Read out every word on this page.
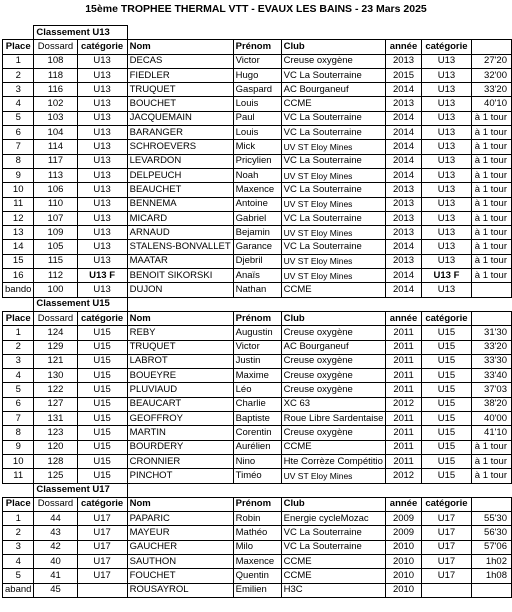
15ème TROPHEE THERMAL VTT - EVAUX LES BAINS - 23 Mars 2025
	Classement U13							
Place	Dossard	catégorie	Nom	Prénom	Club	année	catégorie	
1	108	U13	DECAS	Victor	Creuse oxygène	2013	U13	27'20
2	118	U13	FIEDLER	Hugo	VC La Souterraine	2015	U13	32'00
3	116	U13	TRUQUET	Gaspard	AC Bourganeuf	2014	U13	33'20
4	102	U13	BOUCHET	Louis	CCME	2013	U13	40'10
5	103	U13	JACQUEMAIN	Paul	VC La Souterraine	2014	U13	à 1 tour
6	104	U13	BARANGER	Louis	VC La Souterraine	2014	U13	à 1 tour
7	114	U13	SCHROEVERS	Mick	UV ST Eloy Mines	2014	U13	à 1 tour
8	117	U13	LEVARDON	Pricylien	VC La Souterraine	2014	U13	à 1 tour
9	113	U13	DELPEUCH	Noah	UV ST Eloy Mines	2014	U13	à 1 tour
10	106	U13	BEAUCHET	Maxence	VC La Souterraine	2013	U13	à 1 tour
11	110	U13	BENNEMA	Antoine	UV ST Eloy Mines	2013	U13	à 1 tour
12	107	U13	MICARD	Gabriel	VC La Souterraine	2013	U13	à 1 tour
13	109	U13	ARNAUD	Bejamin	UV ST Eloy Mines	2013	U13	à 1 tour
14	105	U13	STALENS-BONVALLET	Garance	VC La Souterraine	2014	U13	à 1 tour
15	115	U13	MAATAR	Djebril	UV ST Eloy Mines	2013	U13	à 1 tour
16	112	U13 F	BENOIT SIKORSKI	Anaïs	UV ST Eloy Mines	2014	U13 F	à 1 tour
bando	100	U13	DUJON	Nathan	CCME	2014	U13	
	Classement U15							
Place	Dossard	catégorie	Nom	Prénom	Club	année	catégorie	
1	124	U15	REBY	Augustin	Creuse oxygène	2011	U15	31'30
2	129	U15	TRUQUET	Victor	AC Bourganeuf	2011	U15	33'20
3	121	U15	LABROT	Justin	Creuse oxygène	2011	U15	33'30
4	130	U15	BOUEYRE	Maxime	Creuse oxygène	2011	U15	33'40
5	122	U15	PLUVIAUD	Léo	Creuse oxygène	2011	U15	37'03
6	127	U15	BEAUCART	Charlie	XC 63	2012	U15	38'20
7	131	U15	GEOFFROY	Baptiste	Roue Libre Sardentaise	2011	U15	40'00
8	123	U15	MARTIN	Corentin	Creuse oxygène	2011	U15	41'10
9	120	U15	BOURDERY	Aurélien	CCME	2011	U15	à 1 tour
10	128	U15	CRONNIER	Nino	Hte Corrèze Compétitio	2011	U15	à 1 tour
11	125	U15	PINCHOT	Timéo	UV ST Eloy Mines	2012	U15	à 1 tour
	Classement U17							
Place	Dossard	catégorie	Nom	Prénom	Club	année	catégorie	
1	44	U17	PAPARIC	Robin	Energie cycleMozac	2009	U17	55'30
2	43	U17	MAYEUR	Mathéo	VC La Souterraine	2009	U17	56'30
3	42	U17	GAUCHER	Milo	VC La Souterraine	2010	U17	57'06
4	40	U17	SAUTHON	Maxence	CCME	2010	U17	1h02
5	41	U17	FOUCHET	Quentin	CCME	2010	U17	1h08
aband	45		ROUSAYROL	Emilien	H3C	2010		
